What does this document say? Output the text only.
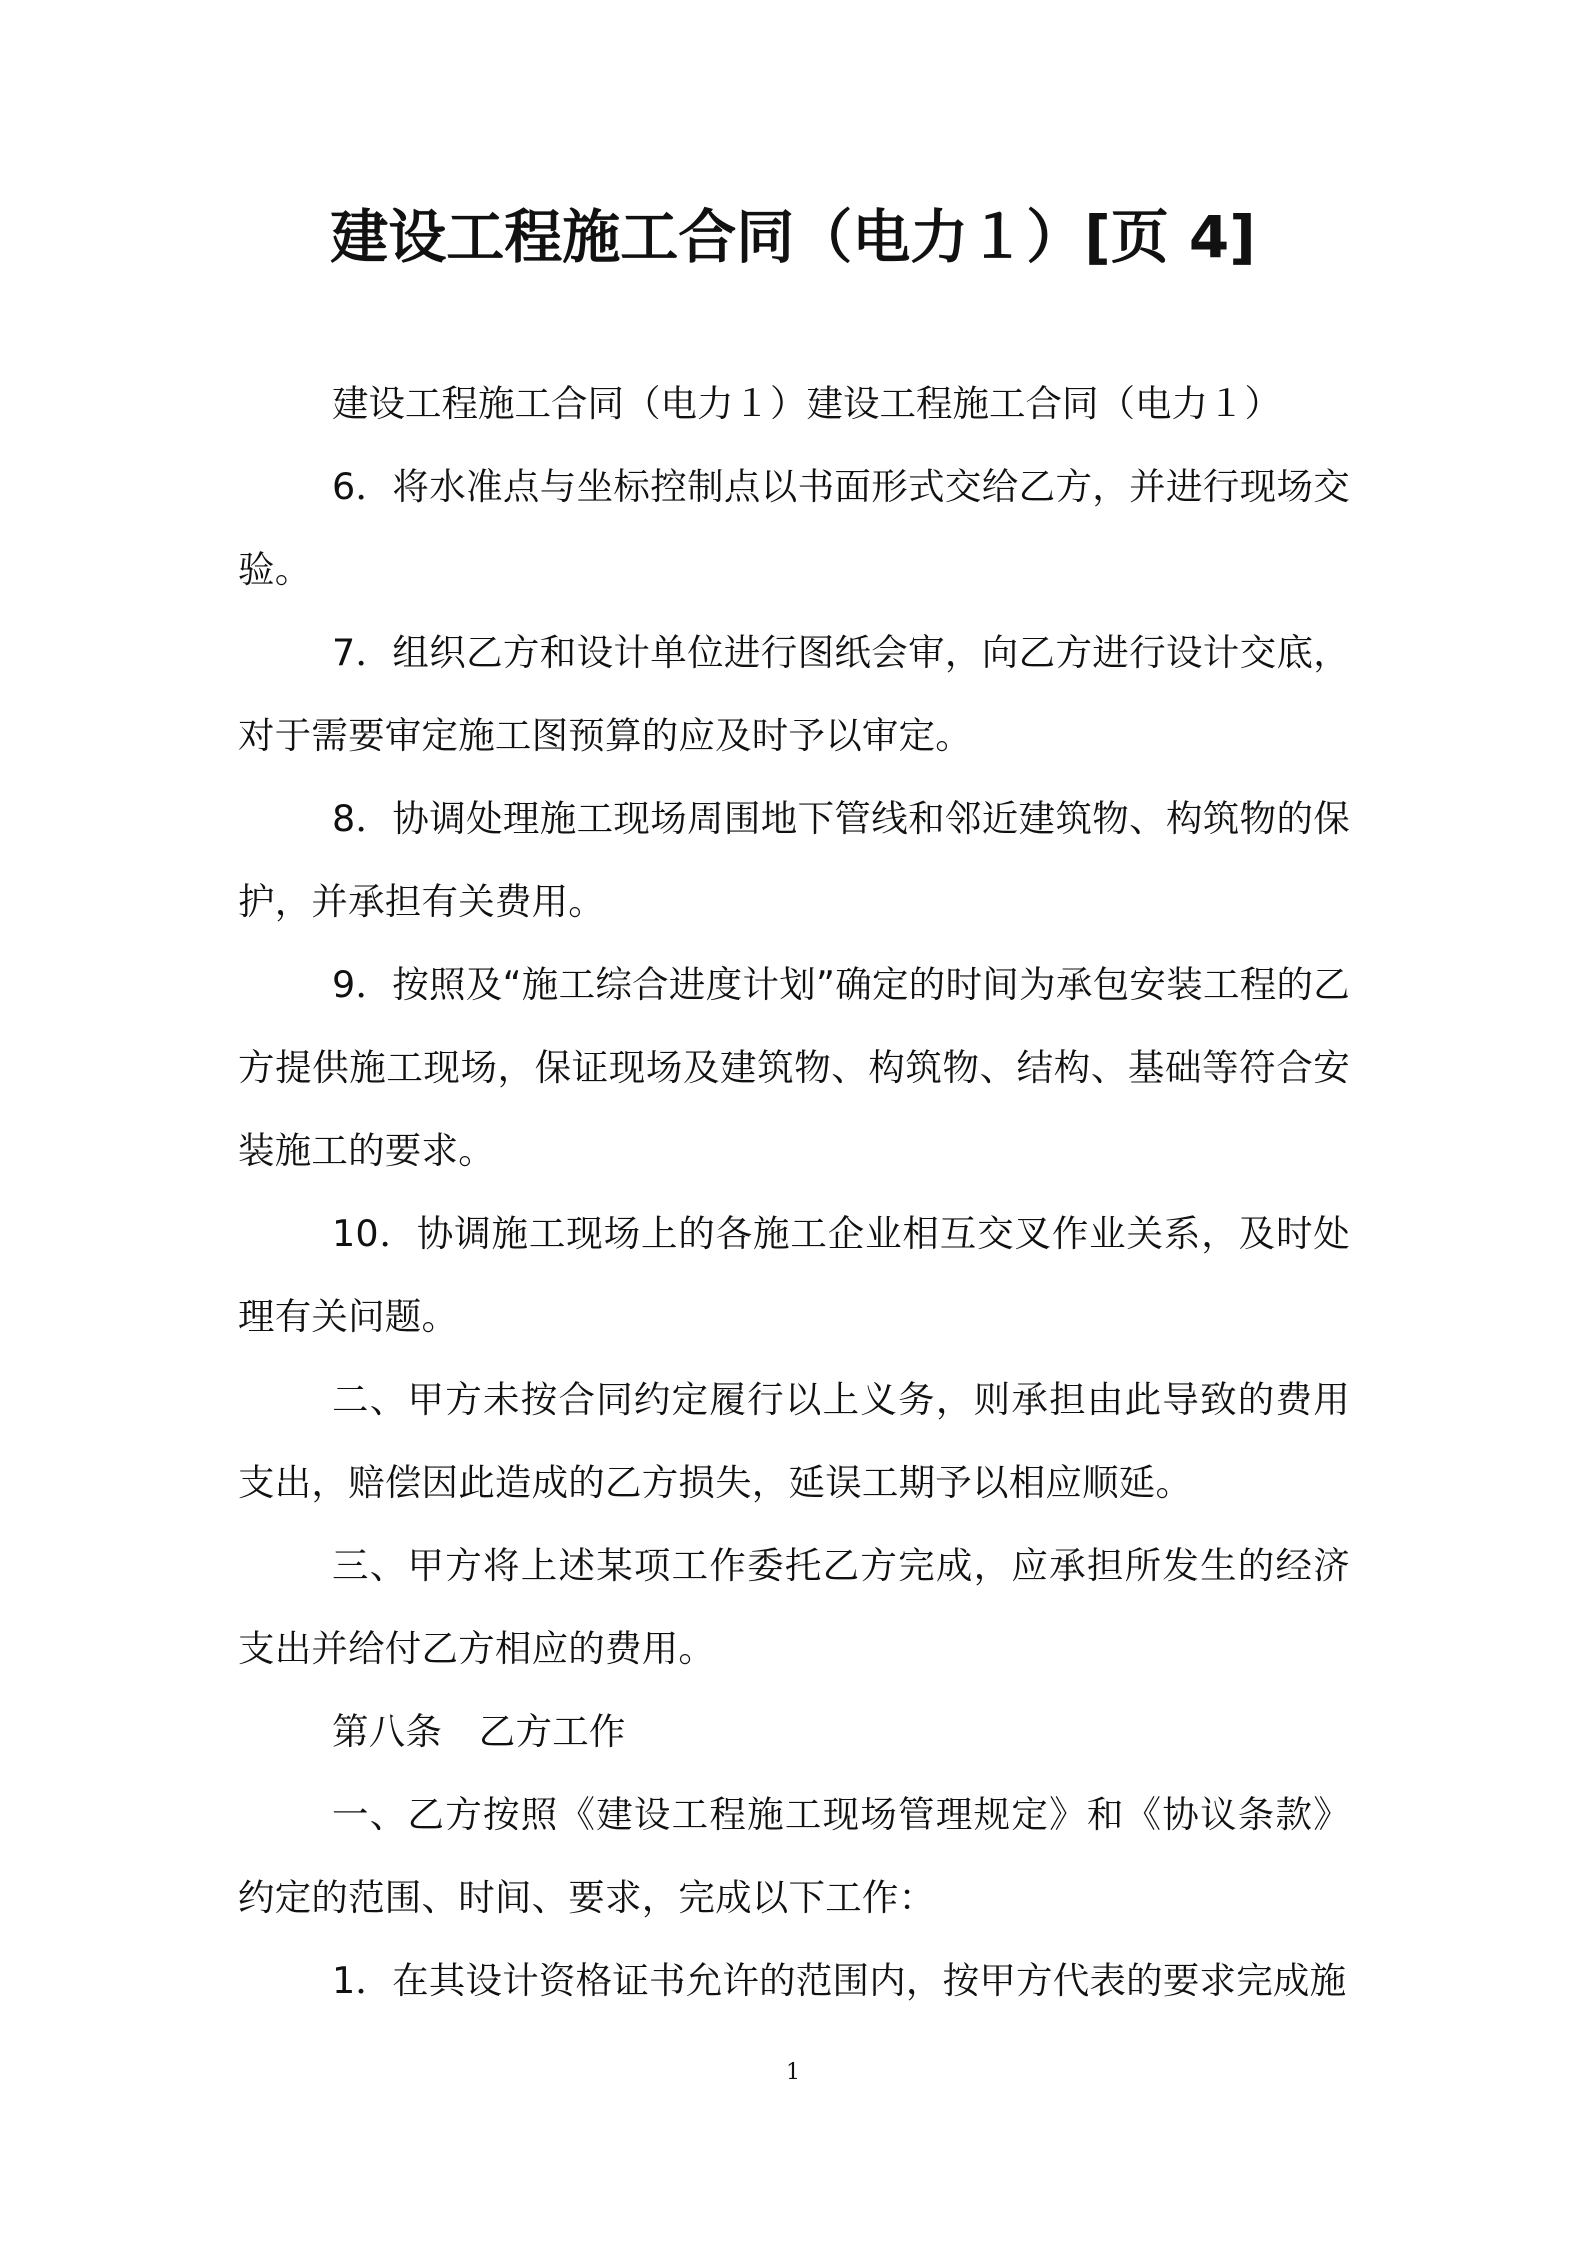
建设工程施工合同（电力１）[页 4]

建设工程施工合同（电力１）建设工程施工合同（电力１）

6．将水准点与坐标控制点以书面形式交给乙方，并进行现场交验。

7．组织乙方和设计单位进行图纸会审，向乙方进行设计交底，对于需要审定施工图预算的应及时予以审定。

8．协调处理施工现场周围地下管线和邻近建筑物、构筑物的保护，并承担有关费用。

9．按照及“施工综合进度计划”确定的时间为承包安装工程的乙方提供施工现场，保证现场及建筑物、构筑物、结构、基础等符合安装施工的要求。

10．协调施工现场上的各施工企业相互交叉作业关系，及时处理有关问题。

二、甲方未按合同约定履行以上义务，则承担由此导致的费用支出，赔偿因此造成的乙方损失，延误工期予以相应顺延。

三、甲方将上述某项工作委托乙方完成，应承担所发生的经济支出并给付乙方相应的费用。

第八条　乙方工作

一、乙方按照《建设工程施工现场管理规定》和《协议条款》约定的范围、时间、要求，完成以下工作：

1．在其设计资格证书允许的范围内，按甲方代表的要求完成施

1
